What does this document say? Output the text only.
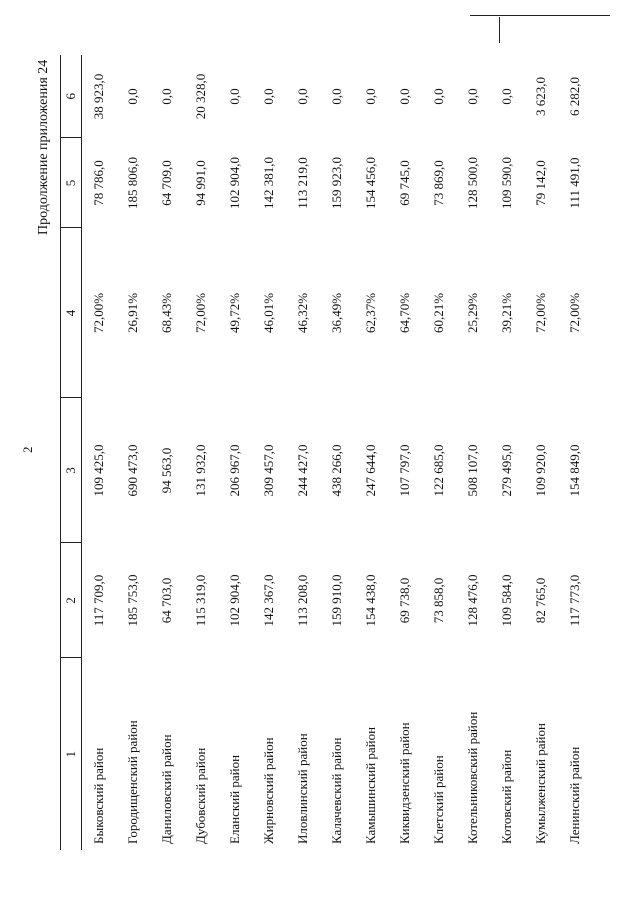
2
Продолжение приложения 24
1	2	3	4	5	6
Быковский район	117 709,0	109 425,0	72,00%	78 786,0	38 923,0
Городищенский район	185 753,0	690 473,0	26,91%	185 806,0	0,0
Даниловский район	64 703,0	94 563,0	68,43%	64 709,0	0,0
Дубовский район	115 319,0	131 932,0	72,00%	94 991,0	20 328,0
Еланский район	102 904,0	206 967,0	49,72%	102 904,0	0,0
Жирновский район	142 367,0	309 457,0	46,01%	142 381,0	0,0
Иловлинский район	113 208,0	244 427,0	46,32%	113 219,0	0,0
Калачевский район	159 910,0	438 266,0	36,49%	159 923,0	0,0
Камышинский район	154 438,0	247 644,0	62,37%	154 456,0	0,0
Киквидзенский район	69 738,0	107 797,0	64,70%	69 745,0	0,0
Клетский район	73 858,0	122 685,0	60,21%	73 869,0	0,0
Котельниковский район	128 476,0	508 107,0	25,29%	128 500,0	0,0
Котовский район	109 584,0	279 495,0	39,21%	109 590,0	0,0
Кумылженский район	82 765,0	109 920,0	72,00%	79 142,0	3 623,0
Ленинский район	117 773,0	154 849,0	72,00%	111 491,0	6 282,0
